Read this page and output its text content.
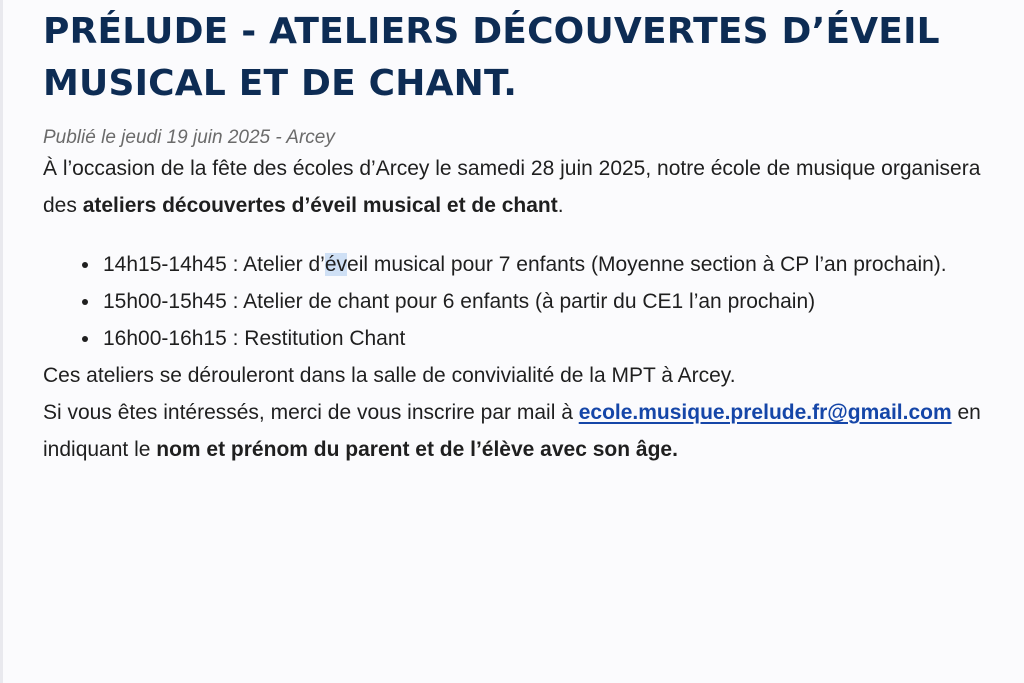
PRÉLUDE - ATELIERS DÉCOUVERTES D’ÉVEIL MUSICAL ET DE CHANT.
Publié le jeudi 19 juin 2025 - Arcey

À l’occasion de la fête des écoles d’Arcey le samedi 28 juin 2025, notre école de musique organisera des ateliers découvertes d’éveil musical et de chant.

• 14h15-14h45 : Atelier d’éveil musical pour 7 enfants (Moyenne section à CP l’an prochain).
• 15h00-15h45 : Atelier de chant pour 6 enfants (à partir du CE1 l’an prochain)
• 16h00-16h15 : Restitution Chant

Ces ateliers se dérouleront dans la salle de convivialité de la MPT à Arcey.

Si vous êtes intéressés, merci de vous inscrire par mail à ecole.musique.prelude.fr@gmail.com en indiquant le nom et prénom du parent et de l’élève avec son âge.
